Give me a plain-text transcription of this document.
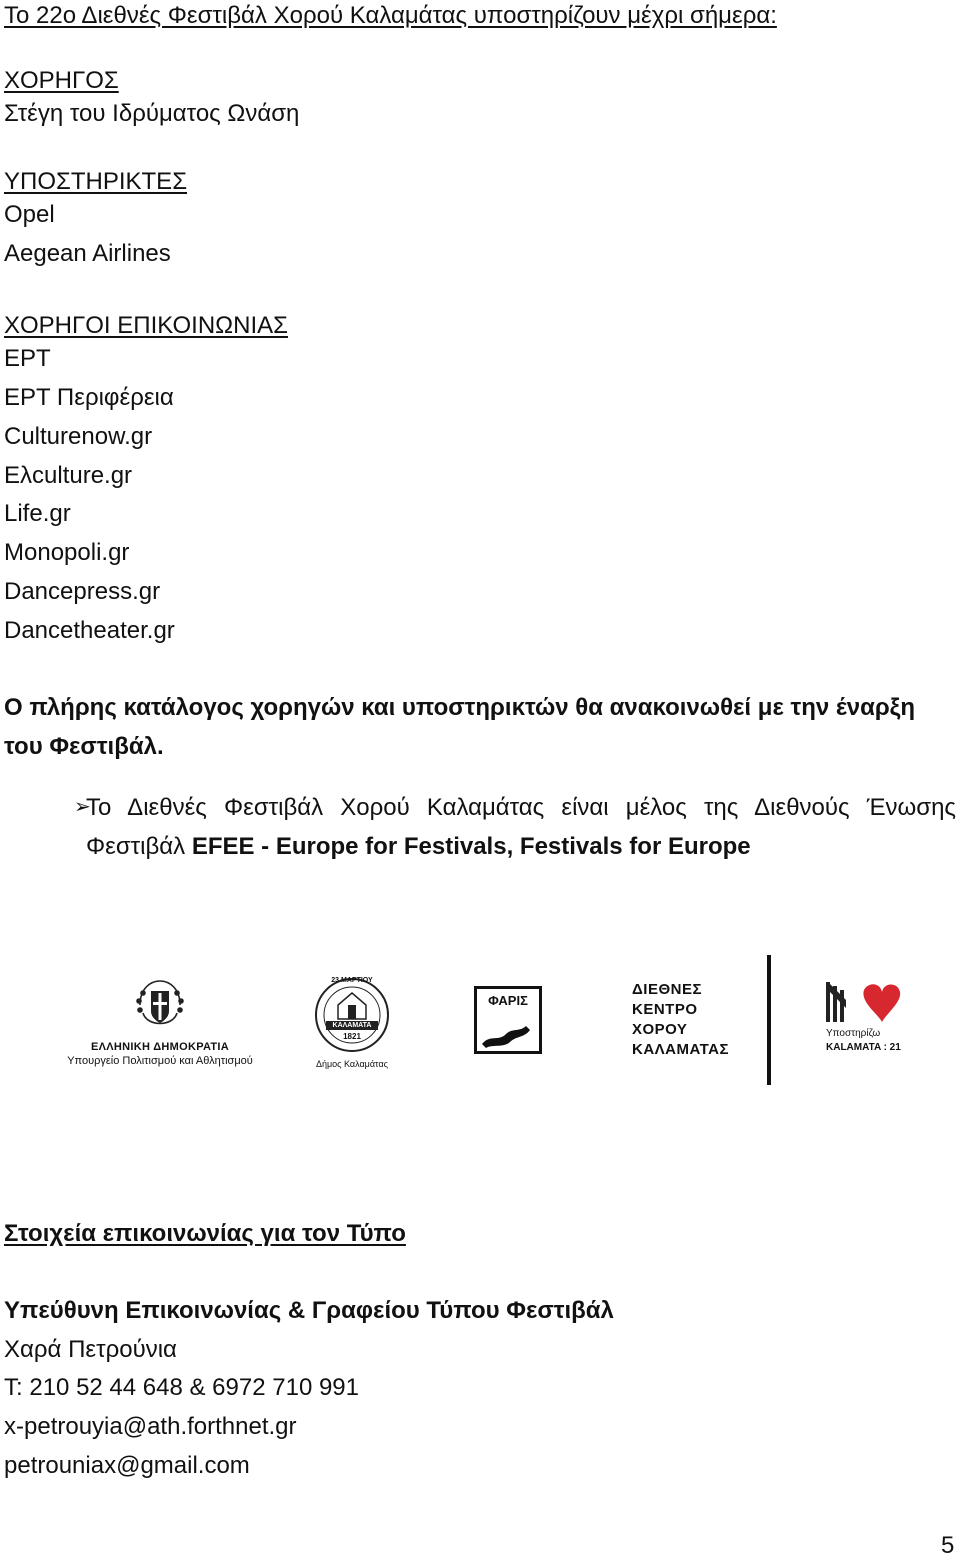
Το 22ο Διεθνές Φεστιβάλ Χορού Καλαμάτας υποστηρίζουν μέχρι σήμερα:
ΧΟΡΗΓΟΣ
Στέγη του Ιδρύματος Ωνάση
ΥΠΟΣΤΗΡΙΚΤΕΣ
Opel
Aegean Airlines
ΧΟΡΗΓΟΙ ΕΠΙΚΟΙΝΩΝΙΑΣ
ΕΡΤ
ΕΡΤ Περιφέρεια
Culturenow.gr
Ελculture.gr
Life.gr
Monopoli.gr
Dancepress.gr
Dancetheater.gr
Ο πλήρης κατάλογος χορηγών και υποστηρικτών θα ανακοινωθεί με την έναρξη
του Φεστιβάλ.
➢
Το Διεθνές Φεστιβάλ Χορού Καλαμάτας είναι μέλος της Διεθνούς Ένωσης
Φεστιβάλ EFEE - Europe for Festivals, Festivals for Europe
ΕΛΛΗΝΙΚΗ ΔΗΜΟΚΡΑΤΙΑ
Υπουργείο Πολιτισμού και Αθλητισμού
23 ΜΑΡΤΙΟΥ
ΚΑΛΑΜΑΤΑ
1821
Δήμος Καλαμάτας
ΦΑΡΙΣ
ΔΙΕΘΝΕΣ
ΚΕΝΤΡΟ
ΧΟΡΟΥ
ΚΑΛΑΜΑΤΑΣ
Υποστηρίζω
KALAMATA : 21
Στοιχεία επικοινωνίας για τον Τύπο
Υπεύθυνη Επικοινωνίας & Γραφείου Τύπου Φεστιβάλ
Χαρά Πετρούνια
Τ: 210 52 44 648 & 6972 710 991
x-petrouyia@ath.forthnet.gr
petrouniax@gmail.com
5
